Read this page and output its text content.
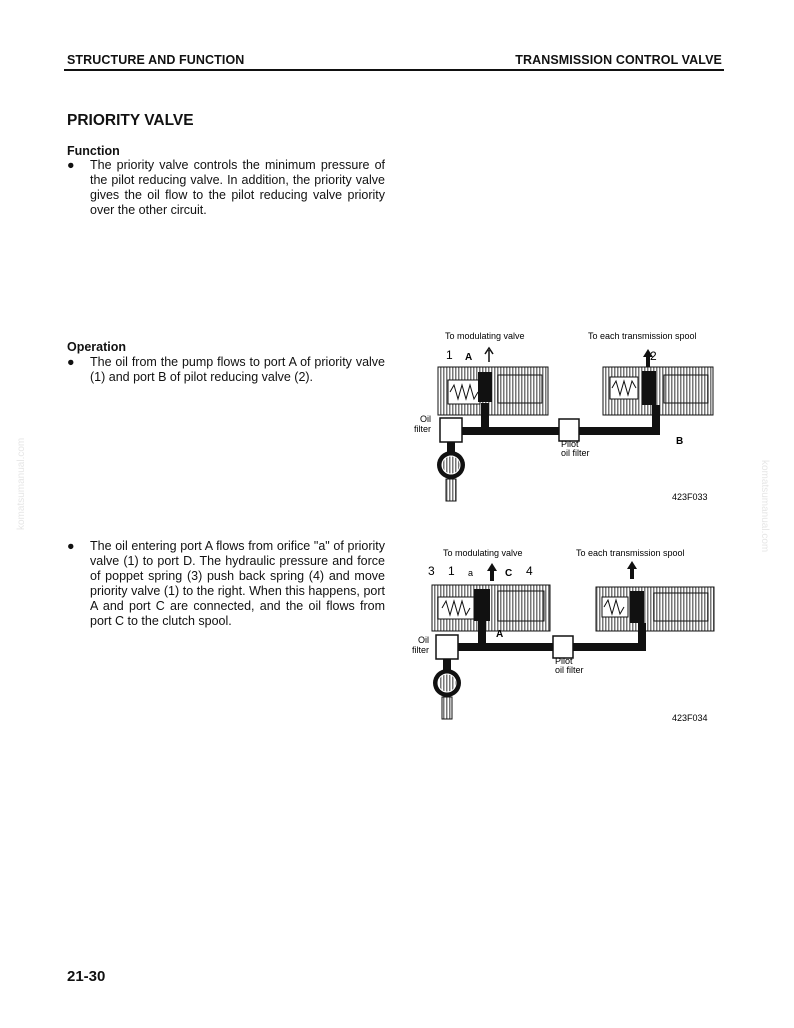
STRUCTURE AND FUNCTION	TRANSMISSION CONTROL VALVE
PRIORITY VALVE
Function
● The priority valve controls the minimum pressure of the pilot reducing valve. In addition, the priority valve gives the oil flow to the pilot reducing valve priority over the other circuit.
Operation
● The oil from the pump flows to port A of priority valve (1) and port B of pilot reducing valve (2).
● The oil entering port A flows from orifice "a" of priority valve (1) to port D. The hydraulic pressure and force of poppet spring (3) push back spring (4) and move priority valve (1) to the right. When this happens, port A and port C are connected, and the oil flows from port C to the clutch spool.
To modulating valve	To each transmission spool
1 A	2
Oil
filter
Pilot
oil filter
B
423F033
To modulating valve	To each transmission spool
3 1 a	C 4
A
Oil
filter
Pilot
oil filter
423F034
21-30
komatsumanual.com	komatsumanual.com
